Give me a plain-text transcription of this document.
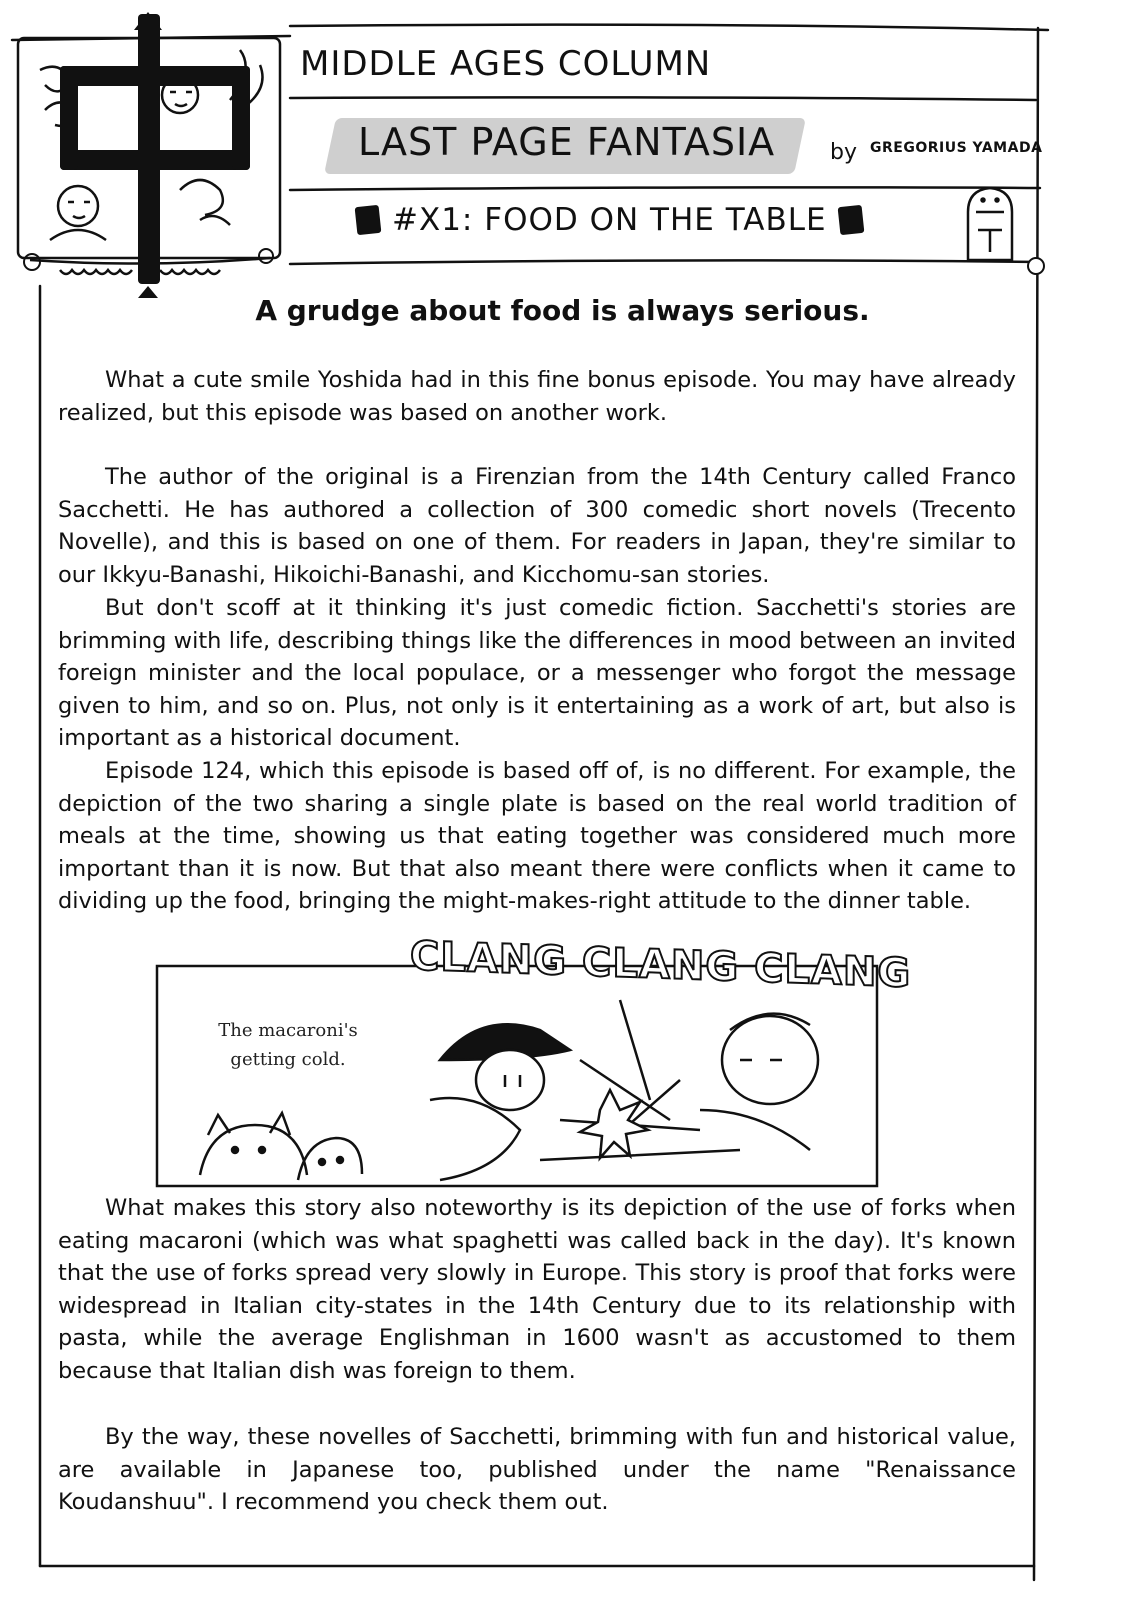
MIDDLE AGES COLUMN
LAST PAGE FANTASIA by GREGORIUS YAMADA
#X1: FOOD ON THE TABLE
A grudge about food is always serious.

What a cute smile Yoshida had in this fine bonus episode. You may have already realized, but this episode was based on another work.

The author of the original is a Firenzian from the 14th Century called Franco Sacchetti. He has authored a collection of 300 comedic short novels (Trecento Novelle), and this is based on one of them. For readers in Japan, they're similar to our Ikkyu-Banashi, Hikoichi-Banashi, and Kicchomu-san stories.

But don't scoff at it thinking it's just comedic fiction. Sacchetti's stories are brimming with life, describing things like the differences in mood between an invited foreign minister and the local populace, or a messenger who forgot the message given to him, and so on. Plus, not only is it entertaining as a work of art, but also is important as a historical document.

Episode 124, which this episode is based off of, is no different. For example, the depiction of the two sharing a single plate is based on the real world tradition of meals at the time, showing us that eating together was considered much more important than it is now. But that also meant there were conflicts when it came to dividing up the food, bringing the might-makes-right attitude to the dinner table.

CLANG CLANG CLANG
The macaroni's getting cold.

What makes this story also noteworthy is its depiction of the use of forks when eating macaroni (which was what spaghetti was called back in the day). It's known that the use of forks spread very slowly in Europe. This story is proof that forks were widespread in Italian city-states in the 14th Century due to its relationship with pasta, while the average Englishman in 1600 wasn't as accustomed to them because that Italian dish was foreign to them.

By the way, these novelles of Sacchetti, brimming with fun and historical value, are available in Japanese too, published under the name "Renaissance Koudanshuu". I recommend you check them out.
